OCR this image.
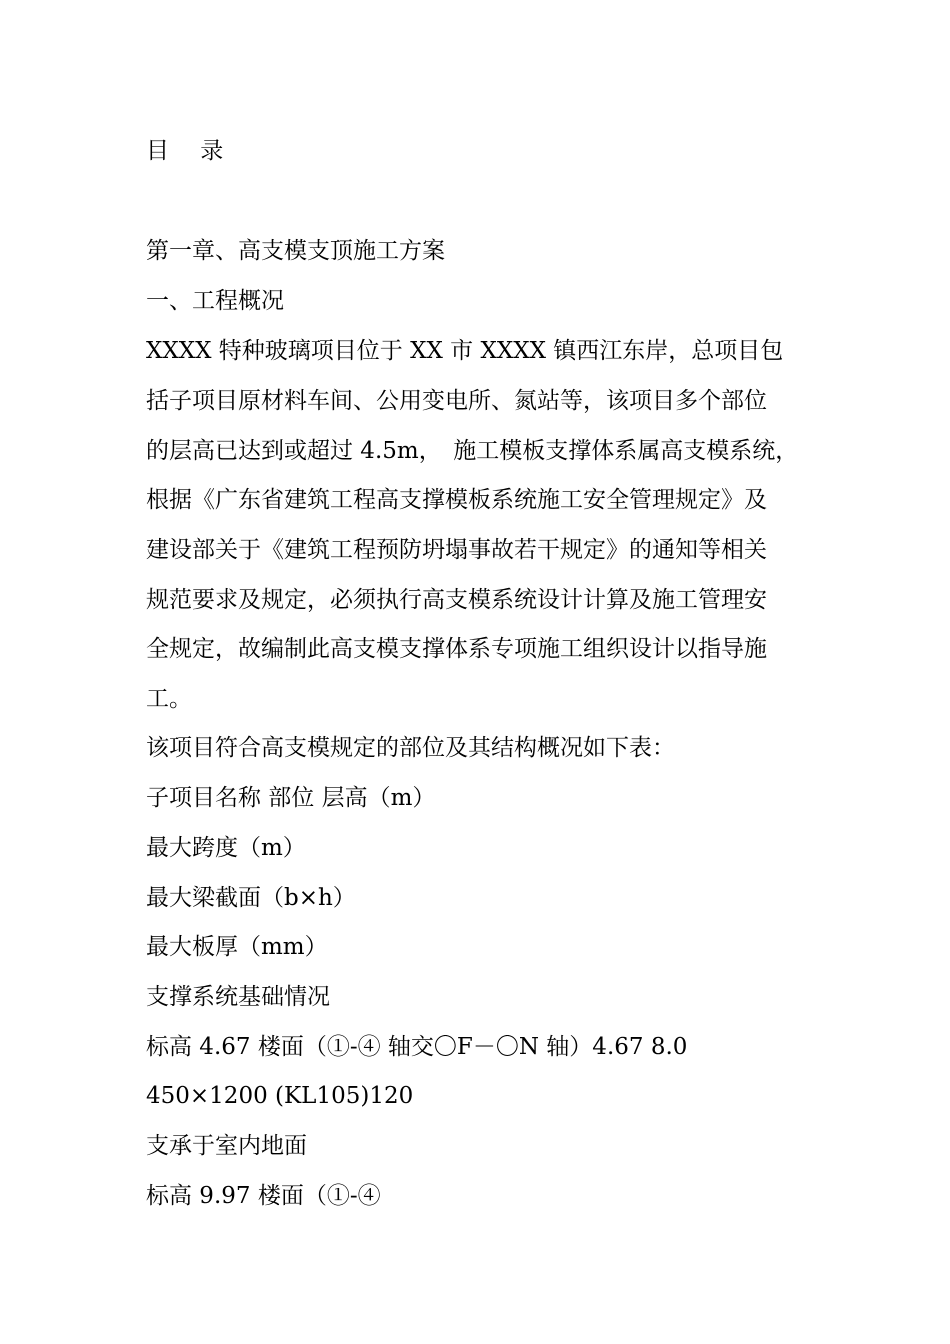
目 录
第一章、高支模支顶施工方案
一、工程概况
XXXX 特种玻璃项目位于 XX 市 XXXX 镇西江东岸，总项目包
括子项目原材料车间、公用变电所、氮站等，该项目多个部位
的层高已达到或超过 4.5m，　施工模板支撑体系属高支模系统，
根据《广东省建筑工程高支撑模板系统施工安全管理规定》及
建设部关于《建筑工程预防坍塌事故若干规定》的通知等相关
规范要求及规定，必须执行高支模系统设计计算及施工管理安
全规定，故编制此高支模支撑体系专项施工组织设计以指导施
工。
该项目符合高支模规定的部位及其结构概况如下表：
子项目名称 部位 层高（m）
最大跨度（m）
最大梁截面（b×h）
最大板厚（mm）
支撑系统基础情况
标高 4.67 楼面（①-④ 轴交〇F－〇N 轴）4.67 8.0
450×1200 (KL105)120
支承于室内地面
标高 9.97 楼面（①-④
